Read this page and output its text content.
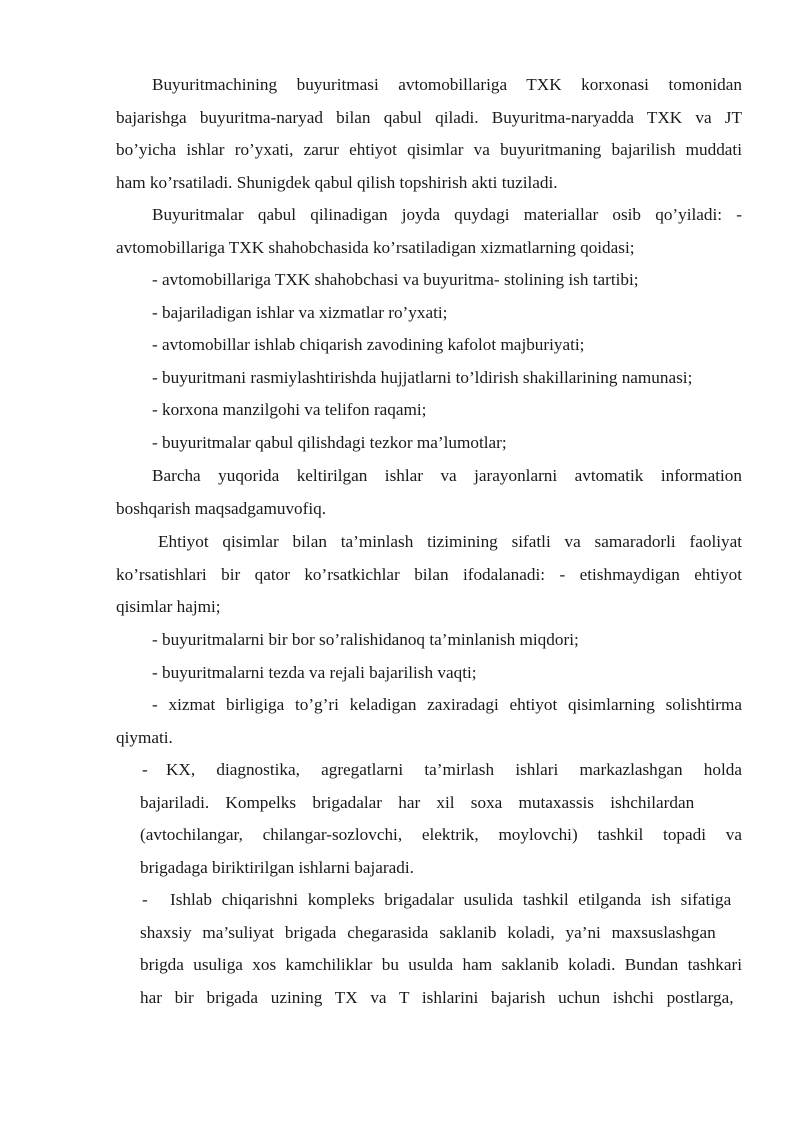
Buyuritmachining buyuritmasi avtomobillariga TXK korxonasi tomonidan
bajarishga buyuritma-naryad bilan qabul qiladi. Buyuritma-naryadda TXK va JT
bo’yicha ishlar ro’yxati, zarur ehtiyot qisimlar va buyuritmaning bajarilish muddati
ham ko’rsatiladi. Shunigdek qabul qilish topshirish akti tuziladi.
Buyuritmalar qabul qilinadigan joyda quydagi materiallar osib qo’yiladi: -
avtomobillariga TXK shahobchasida ko’rsatiladigan xizmatlarning qoidasi;
- avtomobillariga TXK shahobchasi va buyuritma- stolining ish tartibi;
- bajariladigan ishlar va xizmatlar ro’yxati;
- avtomobillar ishlab chiqarish zavodining kafolot majburiyati;
- buyuritmani rasmiylashtirishda hujjatlarni to’ldirish shakillarining namunasi;
- korxona manzilgohi va telifon raqami;
- buyuritmalar qabul qilishdagi tezkor ma’lumotlar;
Barcha yuqorida keltirilgan ishlar va jarayonlarni avtomatik information
boshqarish maqsadgamuvofiq.
Ehtiyot qisimlar bilan ta’minlash tizimining sifatli va samaradorli faoliyat
ko’rsatishlari bir qator ko’rsatkichlar bilan ifodalanadi: - etishmaydigan ehtiyot
qisimlar hajmi;
- buyuritmalarni bir bor so’ralishidanoq ta’minlanish miqdori;
- buyuritmalarni tezda va rejali bajarilish vaqti;
- xizmat birligiga to’g’ri keladigan zaxiradagi ehtiyot qisimlarning solishtirma
qiymati.
-	KX, diagnostika, agregatlarni ta’mirlash ishlari markazlashgan holda
bajariladi. Kompelks brigadalar har xil soxa mutaxassis ishchilardan
(avtochilangar, chilangar-sozlovchi, elektrik, moylovchi) tashkil topadi va
brigadaga biriktirilgan ishlarni bajaradi.
-	Ishlab chiqarishni kompleks brigadalar usulida tashkil etilganda ish sifatiga
shaxsiy ma’suliyat brigada chegarasida saklanib koladi, ya’ni maxsuslashgan
brigda usuliga xos kamchiliklar bu usulda ham saklanib koladi. Bundan tashkari
har bir brigada uzining TX va T ishlarini bajarish uchun ishchi postlarga,
